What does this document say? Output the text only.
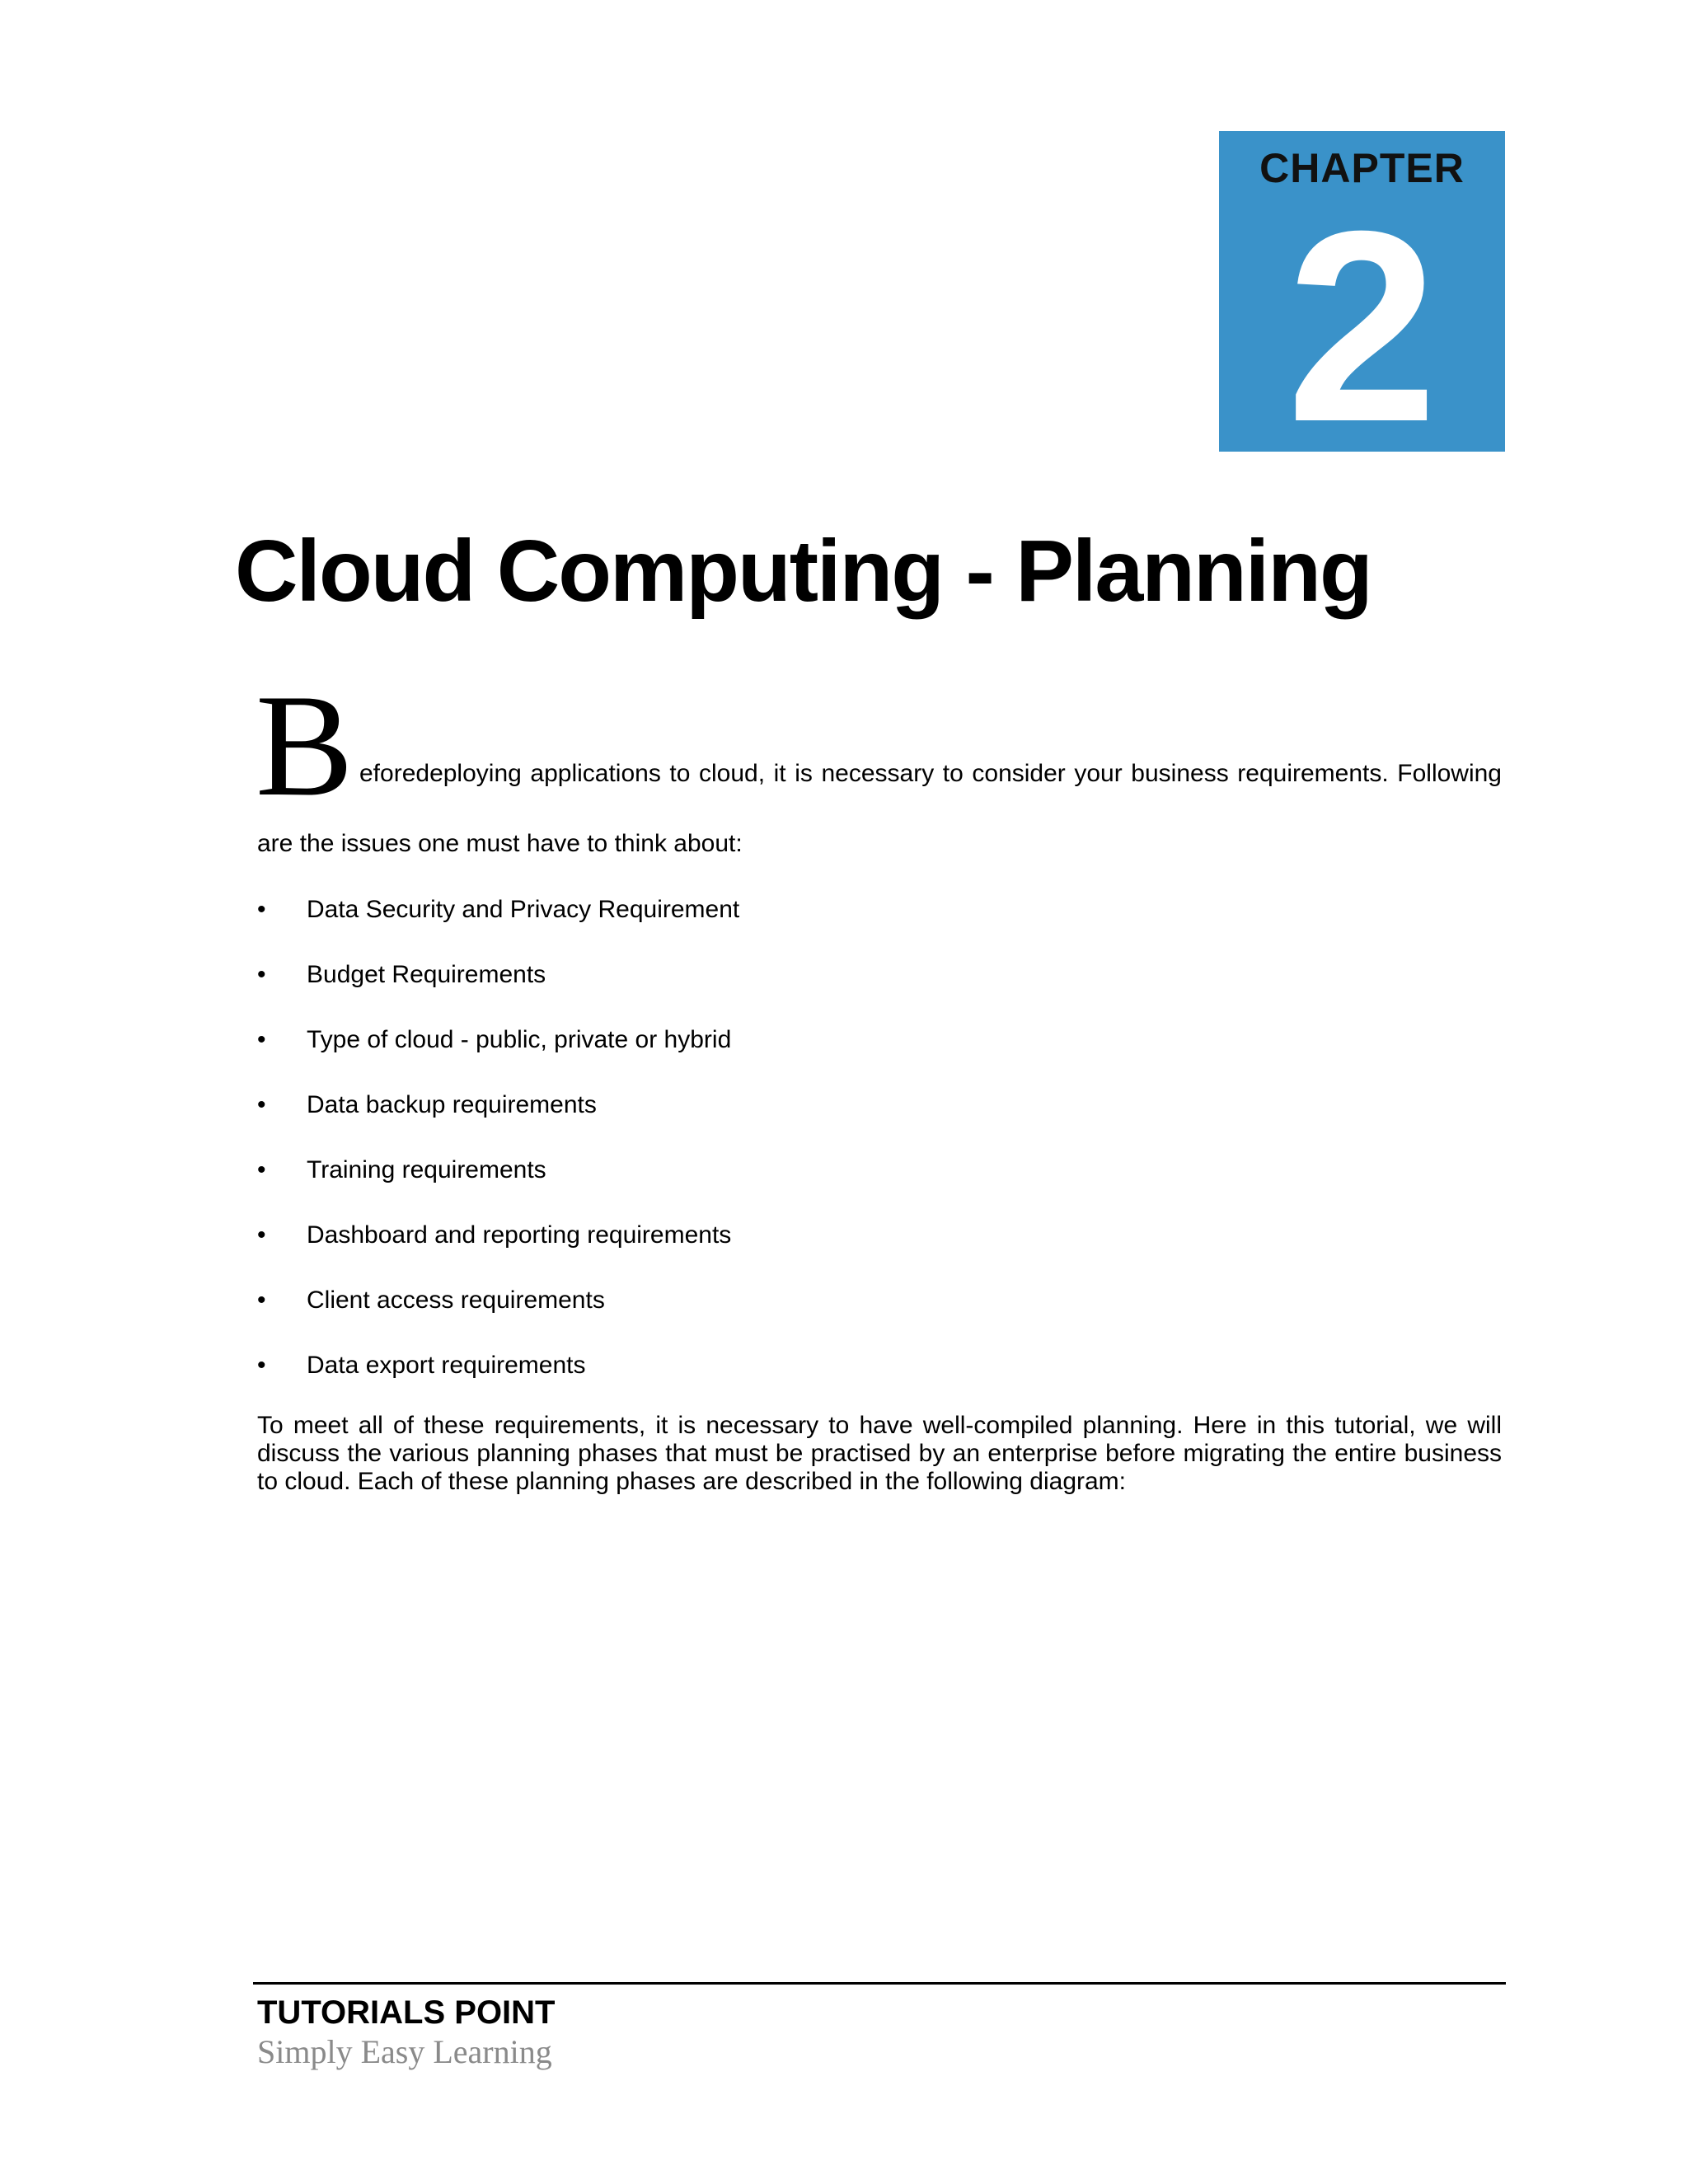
CHAPTER
2
Cloud Computing - Planning
B eforedeploying applications to cloud, it is necessary to consider your business requirements. Following
are the issues one must have to think about:
•	Data Security and Privacy Requirement
•	Budget Requirements
•	Type of cloud - public, private or hybrid
•	Data backup requirements
•	Training requirements
•	Dashboard and reporting requirements
•	Client access requirements
•	Data export requirements

To meet all of these requirements, it is necessary to have well-compiled planning. Here in this tutorial, we will discuss the various planning phases that must be practised by an enterprise before migrating the entire business to cloud. Each of these planning phases are described in the following diagram:

TUTORIALS POINT
Simply Easy Learning
